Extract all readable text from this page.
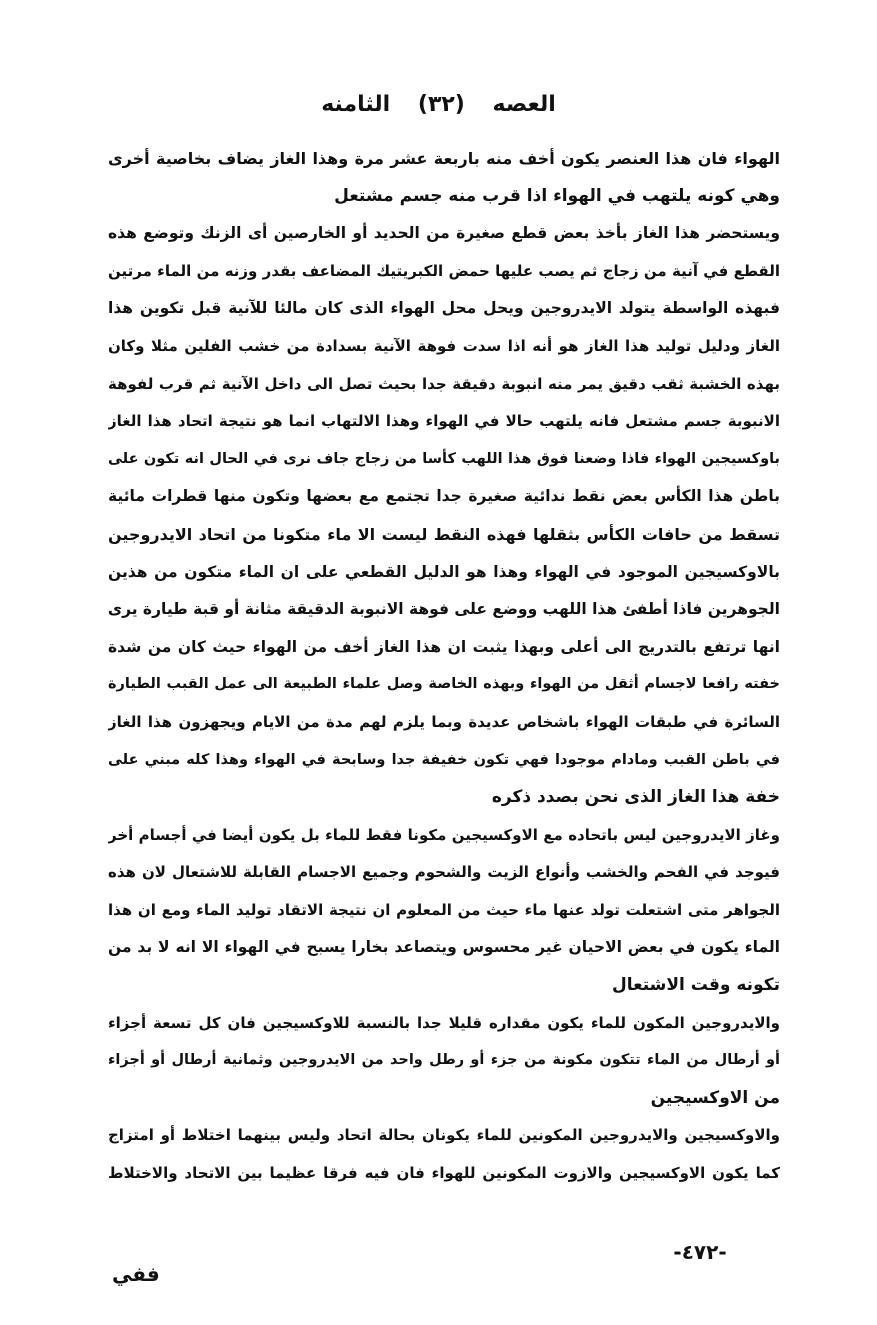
العصه (٣٢) الثامنه
الهواء فان هذا العنصر يكون أخف منه باربعة عشر مرة وهذا الغاز يضاف بخاصية أخرى
وهي كونه يلتهب في الهواء اذا قرب منه جسم مشتعل
ويستحضر هذا الغاز بأخذ بعض قطع صغيرة من الحديد أو الخارصين أى الزنك وتوضع هذه
القطع في آنية من زجاج ثم يصب عليها حمض الكبريتيك المضاعف بقدر وزنه من الماء مرتين
فبهذه الواسطة يتولد الايدروجين ويحل محل الهواء الذى كان مالئا للآنية قبل تكوين هذا
الغاز ودليل توليد هذا الغاز هو أنه اذا سدت فوهة الآنية بسدادة من خشب الفلين مثلا وكان
بهذه الخشبة ثقب دقيق يمر منه انبوبة دقيقة جدا بحيث تصل الى داخل الآنية ثم قرب لفوهة
الانبوبة جسم مشتعل فانه يلتهب حالا في الهواء وهذا الالتهاب انما هو نتيجة اتحاد هذا الغاز
باوكسيجين الهواء فاذا وضعنا فوق هذا اللهب كأسا من زجاج جاف نرى في الحال انه تكون على
باطن هذا الكأس بعض نقط ندائية صغيرة جدا تجتمع مع بعضها وتكون منها قطرات مائية
تسقط من حافات الكأس بثقلها فهذه النقط ليست الا ماء متكونا من اتحاد الايدروجين
بالاوكسيجين الموجود في الهواء وهذا هو الدليل القطعي على ان الماء متكون من هذين
الجوهرين فاذا أطفئ هذا اللهب ووضع على فوهة الانبوبة الدقيقة مثانة أو قبة طيارة يرى
انها ترتفع بالتدريج الى أعلى وبهذا يثبت ان هذا الغاز أخف من الهواء حيث كان من شدة
خفته رافعا لاجسام أثقل من الهواء وبهذه الخاصة وصل علماء الطبيعة الى عمل القبب الطيارة
السائرة في طبقات الهواء باشخاص عديدة وبما يلزم لهم مدة من الايام ويجهزون هذا الغاز
في باطن القبب ومادام موجودا فهي تكون خفيفة جدا وسابحة في الهواء وهذا كله مبني على
خفة هذا الغاز الذى نحن بصدد ذكره
وغاز الايدروجين ليس باتحاده مع الاوكسيجين مكونا فقط للماء بل يكون أيضا في أجسام أخر
فيوجد في الفحم والخشب وأنواع الزيت والشحوم وجميع الاجسام القابلة للاشتعال لان هذه
الجواهر متى اشتعلت تولد عنها ماء حيث من المعلوم ان نتيجة الاتقاد توليد الماء ومع ان هذا
الماء يكون في بعض الاحيان غير محسوس ويتصاعد بخارا يسبح في الهواء الا انه لا بد من
تكونه وقت الاشتعال
والايدروجين المكون للماء يكون مقداره قليلا جدا بالنسبة للاوكسيجين فان كل تسعة أجزاء
أو أرطال من الماء تتكون مكونة من جزء أو رطل واحد من الايدروجين وثمانية أرطال أو أجزاء
من الاوكسيجين
والاوكسيجين والايدروجين المكونين للماء يكونان بحالة اتحاد وليس بينهما اختلاط أو امتزاج
كما يكون الاوكسيجين والازوت المكونين للهواء فان فيه فرقا عظيما بين الاتحاد والاختلاط
-٤٧٢-
ففي
